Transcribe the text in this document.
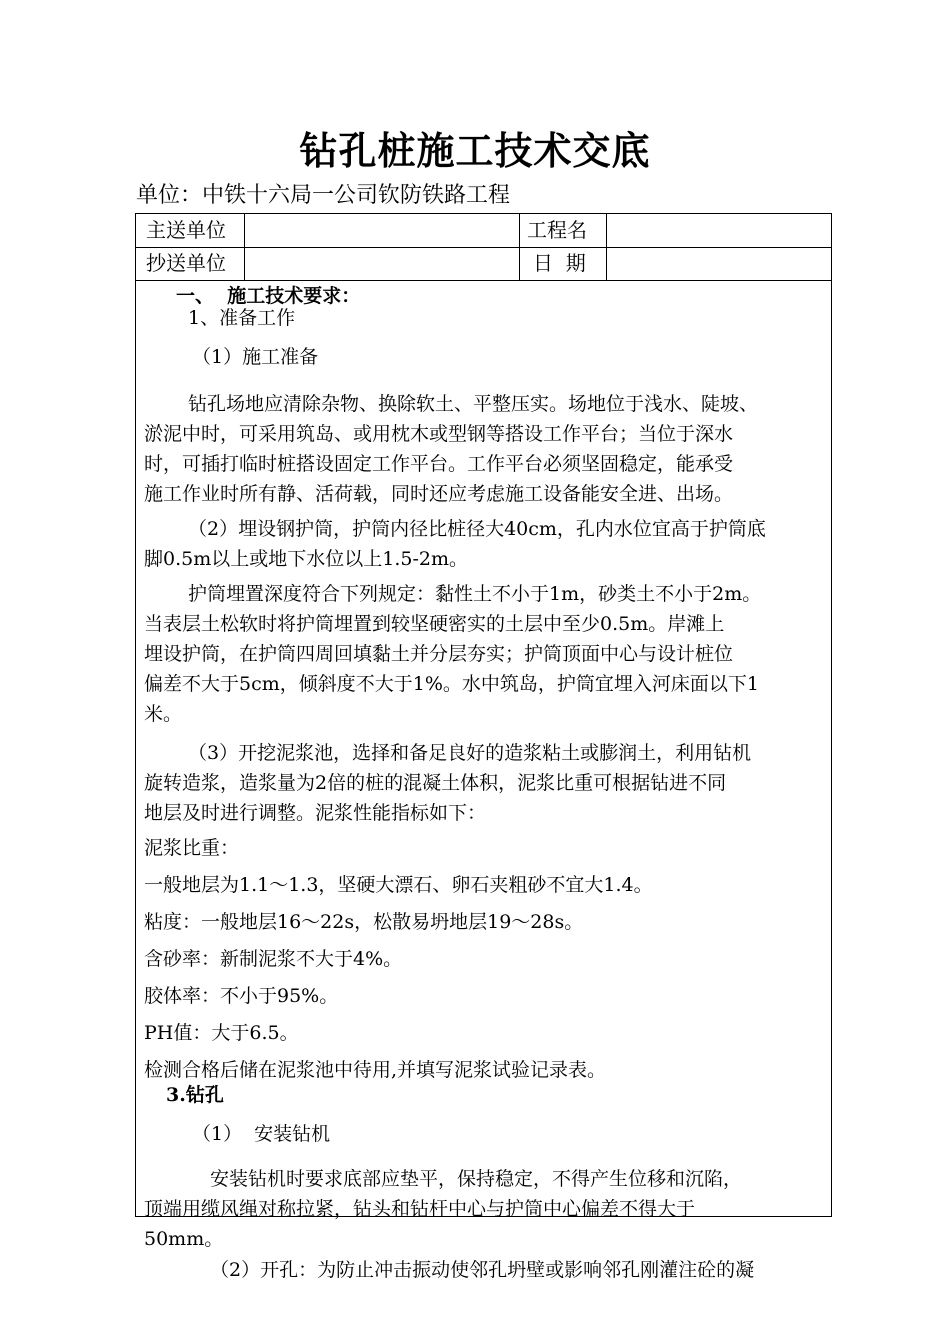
钻孔桩施工技术交底
单位：中铁十六局一公司钦防铁路工程
主送单位	工程名
抄送单位	日  期
一、  施工技术要求：
1、准备工作
（1）施工准备
钻孔场地应清除杂物、换除软土、平整压实。场地位于浅水、陡坡、
淤泥中时，可采用筑岛、或用枕木或型钢等搭设工作平台；当位于深水
时，可插打临时桩搭设固定工作平台。工作平台必须坚固稳定，能承受
施工作业时所有静、活荷载，同时还应考虑施工设备能安全进、出场。
（2）埋设钢护筒，护筒内径比桩径大40cm，孔内水位宜高于护筒底
脚0.5m以上或地下水位以上1.5-2m。
护筒埋置深度符合下列规定：黏性土不小于1m，砂类土不小于2m。
当表层土松软时将护筒埋置到较坚硬密实的土层中至少0.5m。岸滩上
埋设护筒，在护筒四周回填黏土并分层夯实；护筒顶面中心与设计桩位
偏差不大于5cm，倾斜度不大于1%。水中筑岛，护筒宜埋入河床面以下1
米。
（3）开挖泥浆池，选择和备足良好的造浆粘土或膨润土，利用钻机
旋转造浆，造浆量为2倍的桩的混凝土体积，泥浆比重可根据钻进不同
地层及时进行调整。泥浆性能指标如下：
泥浆比重：
一般地层为1.1～1.3，坚硬大漂石、卵石夹粗砂不宜大1.4。
粘度：一般地层16～22s，松散易坍地层19～28s。
含砂率：新制泥浆不大于4%。
胶体率：不小于95%。
PH值：大于6.5。
检测合格后储在泥浆池中待用,并填写泥浆试验记录表。
3.钻孔
（1）  安装钻机
安装钻机时要求底部应垫平，保持稳定，不得产生位移和沉陷，
顶端用缆风绳对称拉紧，钻头和钻杆中心与护筒中心偏差不得大于
50mm。
（2）开孔：为防止冲击振动使邻孔坍壁或影响邻孔刚灌注砼的凝
